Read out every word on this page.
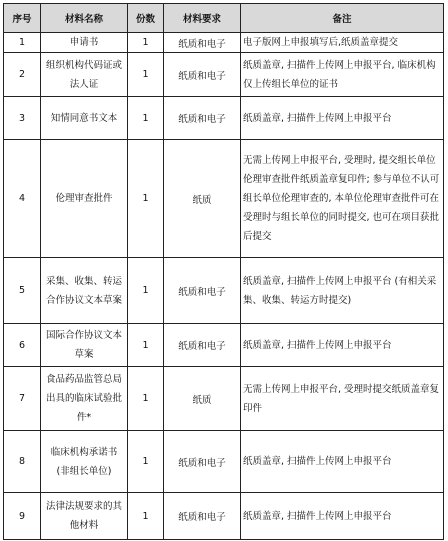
序号	材料名称	份数	材料要求	备注
1	申请书	1	纸质和电子	电子版网上申报填写后,纸质盖章提交
2	组织机构代码证或法人证	1	纸质和电子	纸质盖章, 扫描件上传网上申报平台, 临床机构仅上传组长单位的证书
3	知情同意书文本	1	纸质和电子	纸质盖章, 扫描件上传网上申报平台
4	伦理审查批件	1	纸质	无需上传网上申报平台, 受理时, 提交组长单位伦理审查批件纸质盖章复印件; 参与单位不认可组长单位伦理审查的, 本单位伦理审查批件可在受理时与组长单位的同时提交, 也可在项目获批后提交
5	采集、收集、转运合作协议文本草案	1	纸质和电子	纸质盖章, 扫描件上传网上申报平台 (有相关采集、收集、转运方时提交)
6	国际合作协议文本草案	1	纸质和电子	纸质盖章, 扫描件上传网上申报平台
7	食品药品监管总局出具的临床试验批件*	1	纸质	无需上传网上申报平台, 受理时提交纸质盖章复印件
8	临床机构承诺书 (非组长单位)	1	纸质和电子	纸质盖章, 扫描件上传网上申报平台
9	法律法规要求的其他材料	1	纸质和电子	纸质盖章, 扫描件上传网上申报平台
